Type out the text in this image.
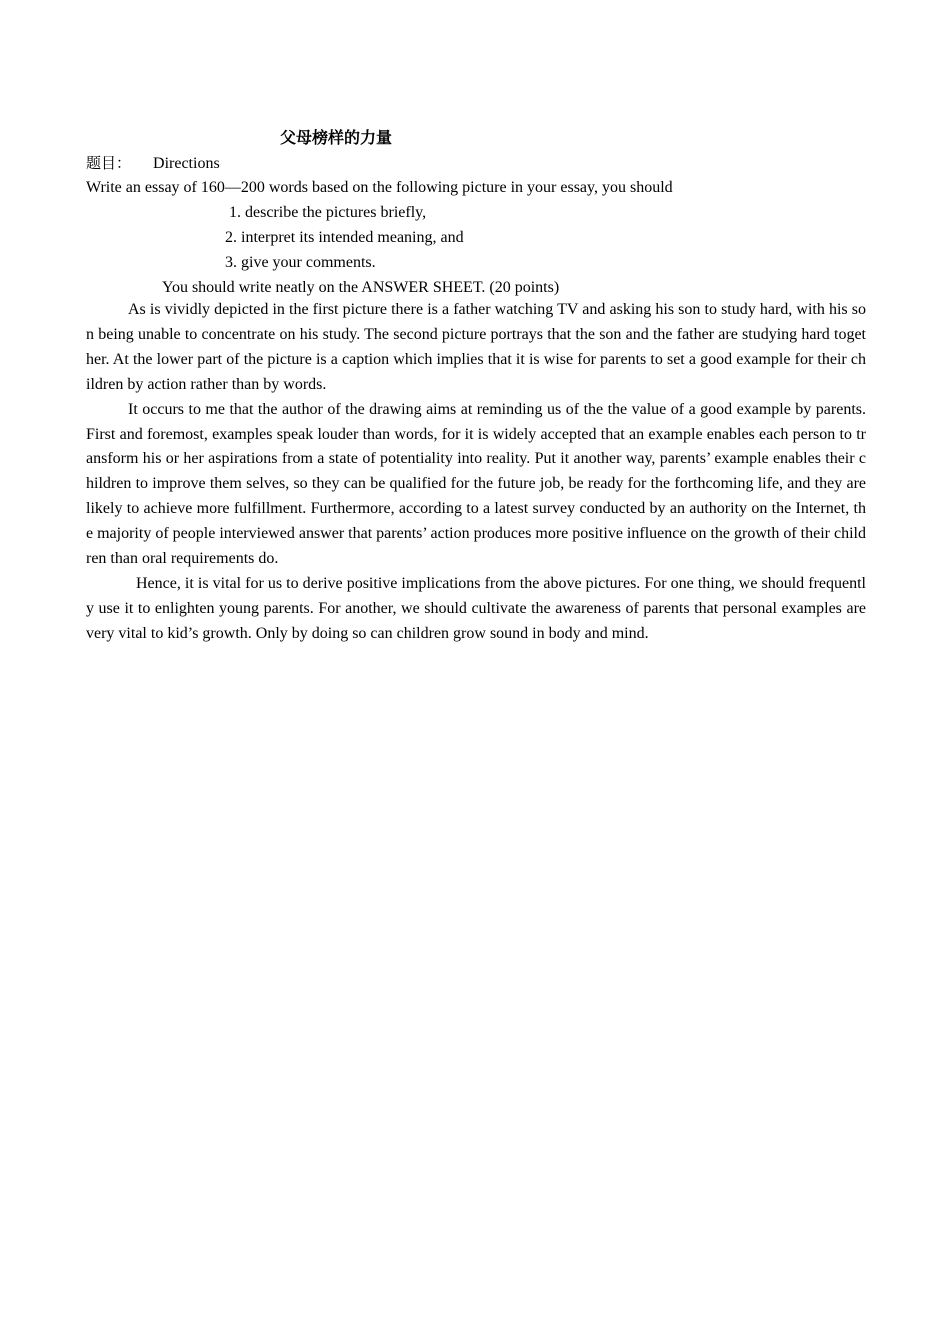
父母榜样的力量
题目： Directions
Write an essay of 160—200 words based on the following picture in your essay, you should
1. describe the pictures briefly,
2. interpret its intended meaning, and
3. give your comments.
You should write neatly on the ANSWER SHEET. (20 points)

As is vividly depicted in the first picture there is a father watching TV and asking his son to study hard, with his son being unable to concentrate on his study. The second picture portrays that the son and the father are studying hard together. At the lower part of the picture is a caption which implies that it is wise for parents to set a good example for their children by action rather than by words.

It occurs to me that the author of the drawing aims at reminding us of the the value of a good example by parents. First and foremost, examples speak louder than words, for it is widely accepted that an example enables each person to transform his or her aspirations from a state of potentiality into reality. Put it another way, parents’ example enables their children to improve them selves, so they can be qualified for the future job, be ready for the forthcoming life, and they are likely to achieve more fulfillment. Furthermore, according to a latest survey conducted by an authority on the Internet, the majority of people interviewed answer that parents’ action produces more positive influence on the growth of their children than oral requirements do.

Hence, it is vital for us to derive positive implications from the above pictures. For one thing, we should frequently use it to enlighten young parents. For another, we should cultivate the awareness of parents that personal examples are very vital to kid’s growth. Only by doing so can children grow sound in body and mind.
